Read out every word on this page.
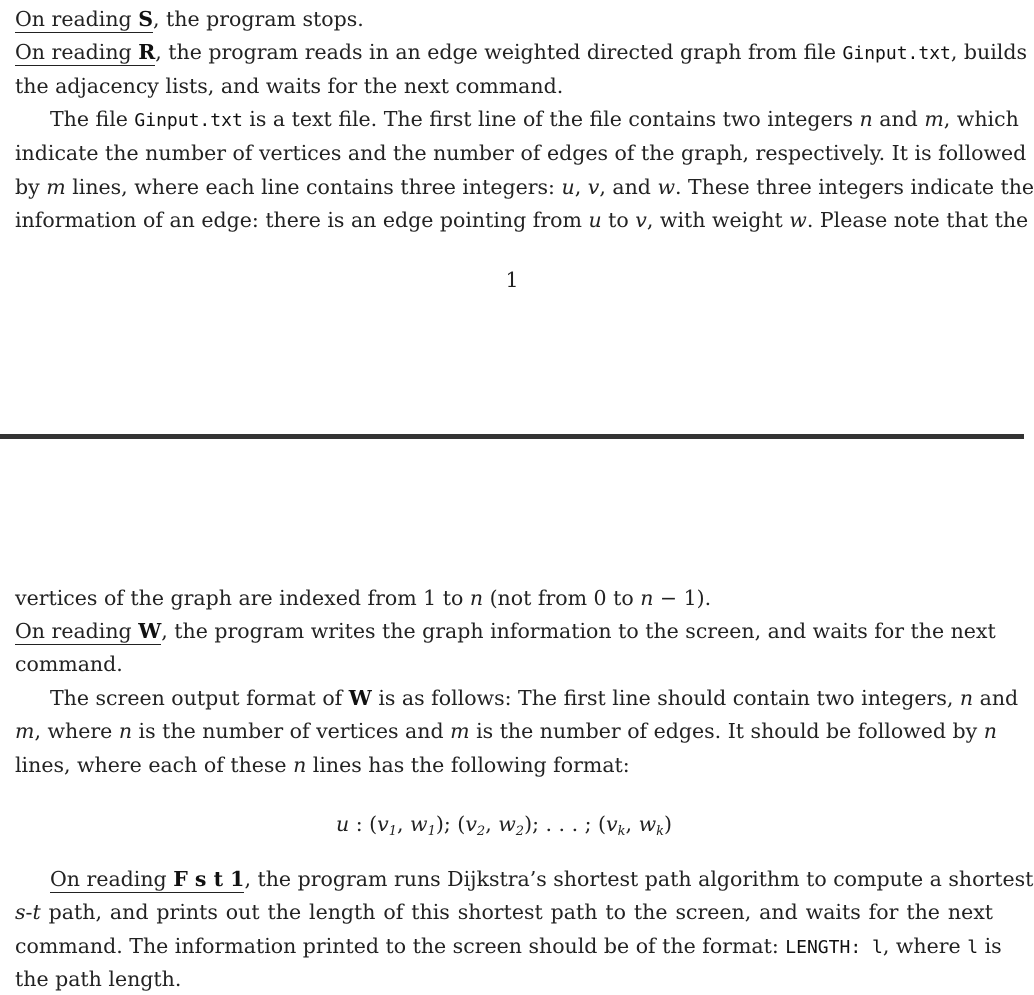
On reading S, the program stops.
On reading R, the program reads in an edge weighted directed graph from file Ginput.txt, builds
the adjacency lists, and waits for the next command.
The file Ginput.txt is a text file. The first line of the file contains two integers n and m, which
indicate the number of vertices and the number of edges of the graph, respectively. It is followed
by m lines, where each line contains three integers: u, v, and w. These three integers indicate the
information of an edge: there is an edge pointing from u to v, with weight w. Please note that the
1
vertices of the graph are indexed from 1 to n (not from 0 to n − 1).
On reading W, the program writes the graph information to the screen, and waits for the next
command.
The screen output format of W is as follows: The first line should contain two integers, n and
m, where n is the number of vertices and m is the number of edges. It should be followed by n
lines, where each of these n lines has the following format:
u : ($v_1$, $w_1$); ($v_2$, $w_2$); . . . ; ($v_k$, $w_k$)
On reading F s t 1, the program runs Dijkstra’s shortest path algorithm to compute a shortest
s-t path, and prints out the length of this shortest path to the screen, and waits for the next
command. The information printed to the screen should be of the format: LENGTH: l, where l is
the path length.
